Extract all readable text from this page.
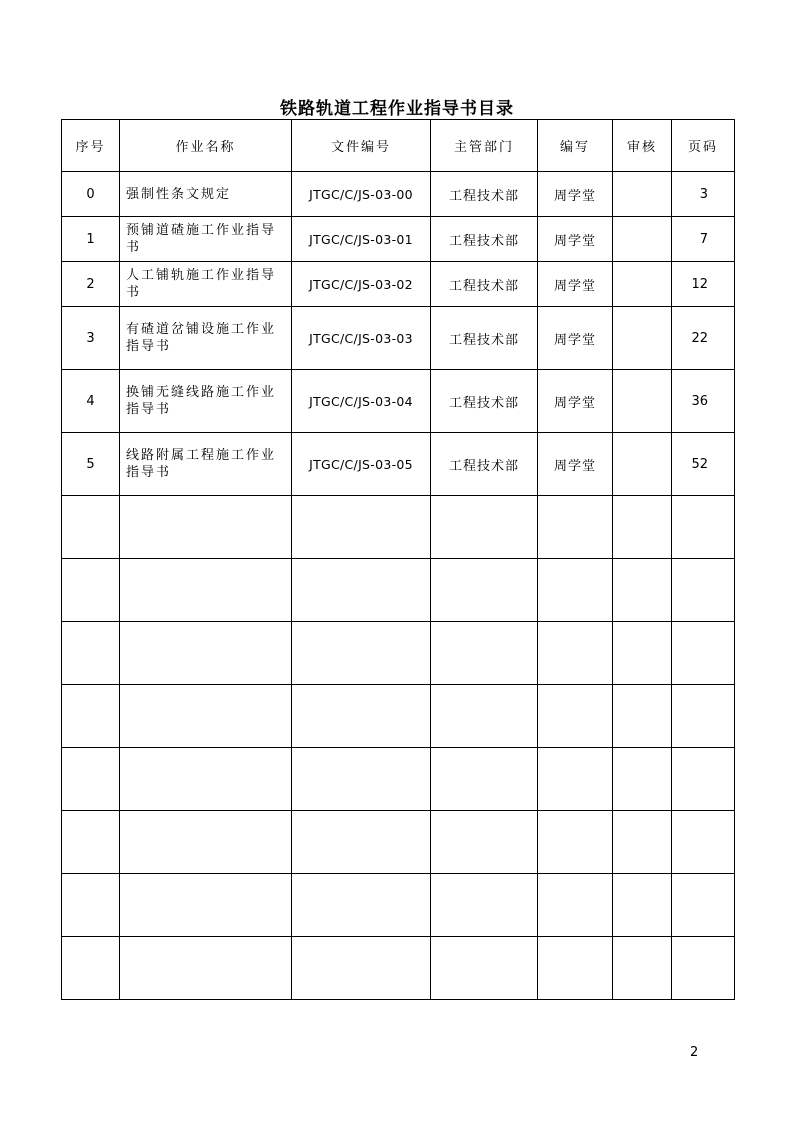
铁路轨道工程作业指导书目录
序号	作业名称	文件编号	主管部门	编写	审核	页码
0	强制性条文规定	JTGC/C/JS-03-00	工程技术部	周学堂		3
1	预铺道碴施工作业指导书	JTGC/C/JS-03-01	工程技术部	周学堂		7
2	人工铺轨施工作业指导书	JTGC/C/JS-03-02	工程技术部	周学堂		12
3	有碴道岔铺设施工作业指导书	JTGC/C/JS-03-03	工程技术部	周学堂		22
4	换铺无缝线路施工作业指导书	JTGC/C/JS-03-04	工程技术部	周学堂		36
5	线路附属工程施工作业指导书	JTGC/C/JS-03-05	工程技术部	周学堂		52

2
